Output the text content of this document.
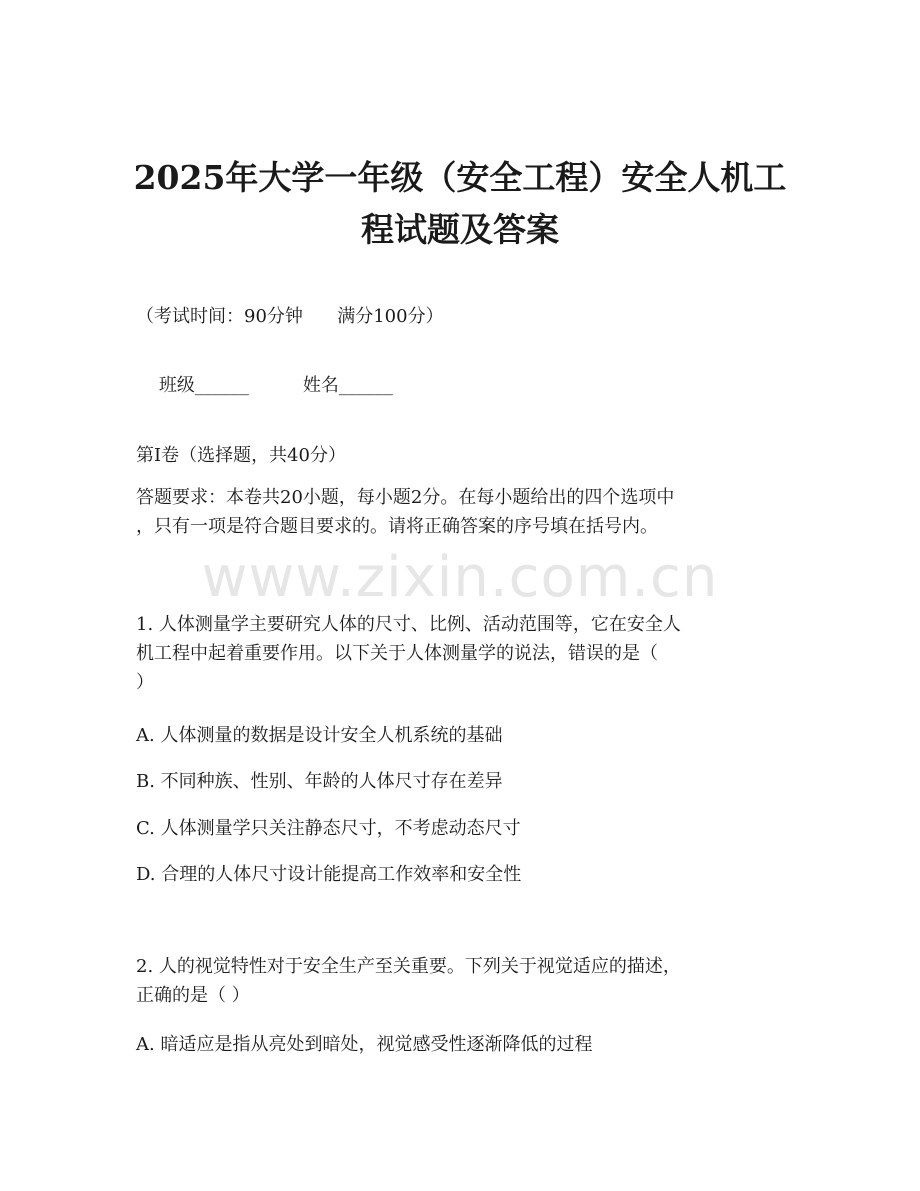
www.zixin.com.cn
2025年大学一年级（安全工程）安全人机工
程试题及答案
（考试时间：90分钟      满分100分）

班级______	姓名______

第I卷（选择题，共40分）
答题要求：本卷共20小题，每小题2分。在每小题给出的四个选项中
，只有一项是符合题目要求的。请将正确答案的序号填在括号内。
1. 人体测量学主要研究人体的尺寸、比例、活动范围等，它在安全人
机工程中起着重要作用。以下关于人体测量学的说法，错误的是（
）
A. 人体测量的数据是设计安全人机系统的基础
B. 不同种族、性别、年龄的人体尺寸存在差异
C. 人体测量学只关注静态尺寸，不考虑动态尺寸
D. 合理的人体尺寸设计能提高工作效率和安全性
2. 人的视觉特性对于安全生产至关重要。下列关于视觉适应的描述，
正确的是（ ）
A. 暗适应是指从亮处到暗处，视觉感受性逐渐降低的过程
